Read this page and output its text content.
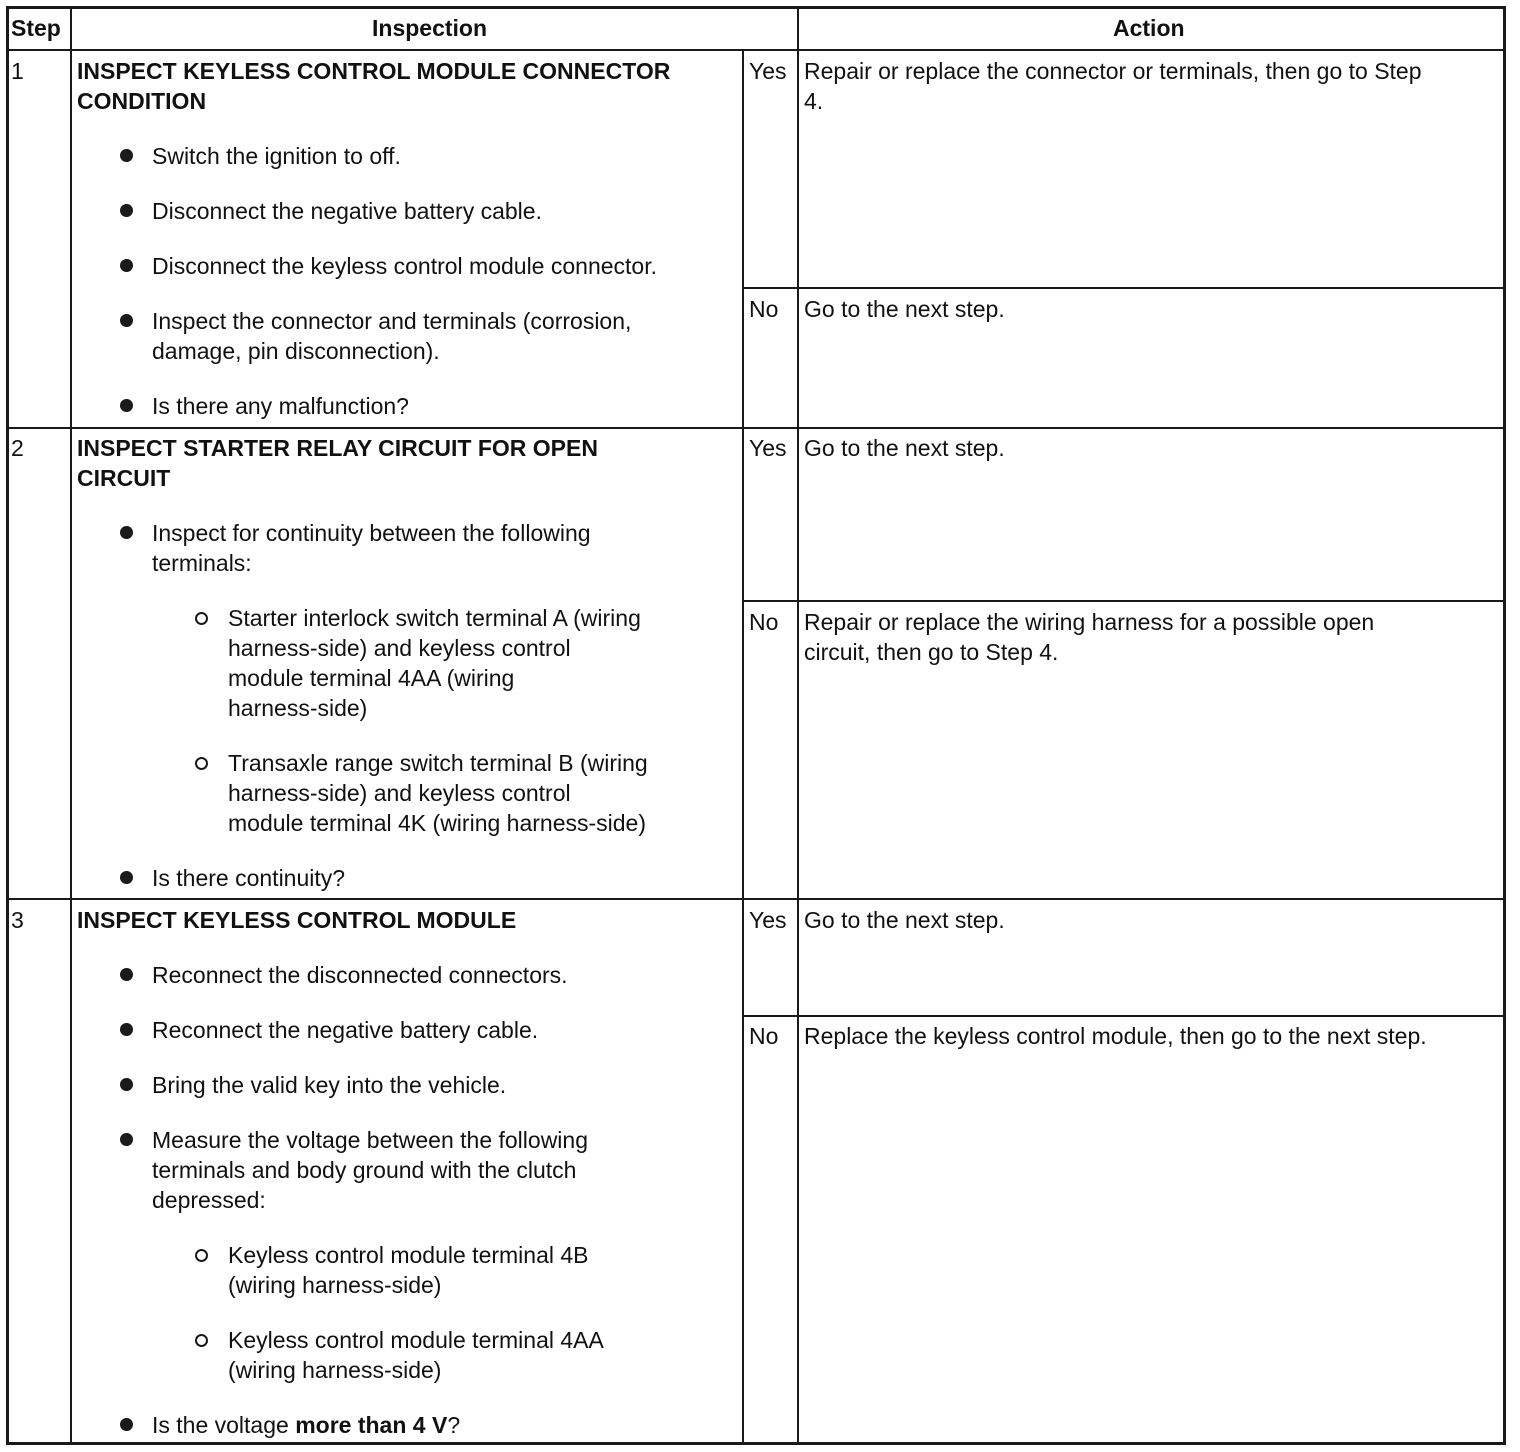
Step	Inspection	Action
1 INSPECT KEYLESS CONTROL MODULE CONNECTOR
CONDITION
Switch the ignition to off.
Disconnect the negative battery cable.
Disconnect the keyless control module connector.
Inspect the connector and terminals (corrosion,
damage, pin disconnection).
Is there any malfunction?
Yes Repair or replace the connector or terminals, then go to Step
4.
No Go to the next step.
2 INSPECT STARTER RELAY CIRCUIT FOR OPEN
CIRCUIT
Inspect for continuity between the following
terminals:
Starter interlock switch terminal A (wiring
harness-side) and keyless control
module terminal 4AA (wiring
harness-side)
Transaxle range switch terminal B (wiring
harness-side) and keyless control
module terminal 4K (wiring harness-side)
Is there continuity?
Yes Go to the next step.
No Repair or replace the wiring harness for a possible open
circuit, then go to Step 4.
3 INSPECT KEYLESS CONTROL MODULE
Reconnect the disconnected connectors.
Reconnect the negative battery cable.
Bring the valid key into the vehicle.
Measure the voltage between the following
terminals and body ground with the clutch
depressed:
Keyless control module terminal 4B
(wiring harness-side)
Keyless control module terminal 4AA
(wiring harness-side)
Is the voltage more than 4 V?
Yes Go to the next step.
No Replace the keyless control module, then go to the next step.
